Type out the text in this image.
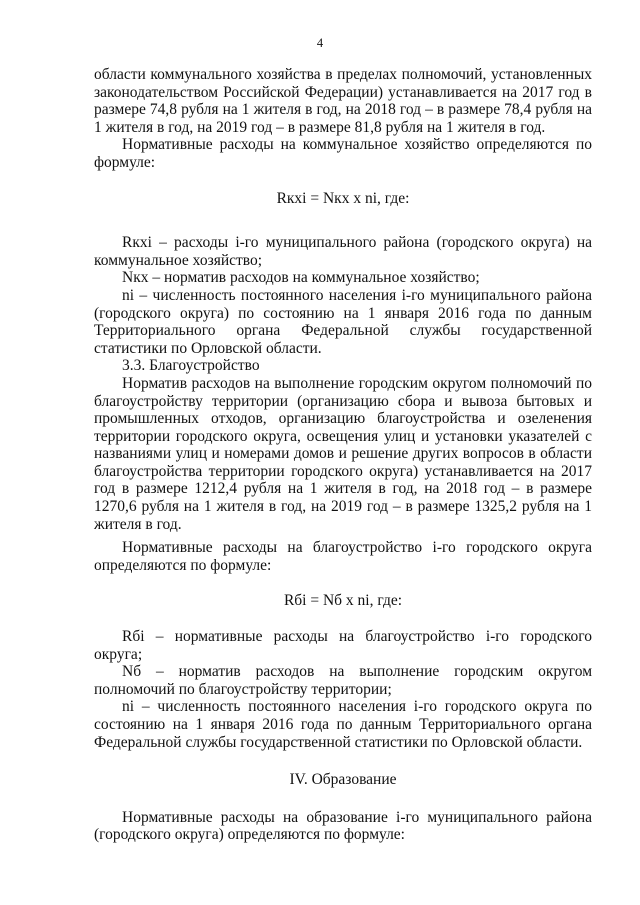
4

области коммунального хозяйства в пределах полномочий, установленных законодательством Российской Федерации) устанавливается на 2017 год в размере 74,8 рубля на 1 жителя в год, на 2018 год – в размере 78,4 рубля на 1 жителя в год, на 2019 год – в размере 81,8 рубля на 1 жителя в год.

Нормативные расходы на коммунальное хозяйство определяются по формуле:

Rкхi = Nкх х ni, где:

Rкхi – расходы i-го муниципального района (городского округа) на коммунальное хозяйство;

Nкх – норматив расходов на коммунальное хозяйство;

ni – численность постоянного населения i-го муниципального района (городского округа) по состоянию на 1 января 2016 года по данным Территориального органа Федеральной службы государственной статистики по Орловской области.

3.3. Благоустройство

Норматив расходов на выполнение городским округом полномочий по благоустройству территории (организацию сбора и вывоза бытовых и промышленных отходов, организацию благоустройства и озеленения территории городского округа, освещения улиц и установки указателей с названиями улиц и номерами домов и решение других вопросов в области благоустройства территории городского округа) устанавливается на 2017 год в размере 1212,4 рубля на 1 жителя в год, на 2018 год – в размере 1270,6 рубля на 1 жителя в год, на 2019 год – в размере 1325,2 рубля на 1 жителя в год.

Нормативные расходы на благоустройство i-го городского округа определяются по формуле:

Rбi = Nб х ni, где:

Rбi – нормативные расходы на благоустройство i-го городского округа;

Nб – норматив расходов на выполнение городским округом полномочий по благоустройству территории;

ni – численность постоянного населения i-го городского округа по состоянию на 1 января 2016 года по данным Территориального органа Федеральной службы государственной статистики по Орловской области.

IV. Образование

Нормативные расходы на образование i-го муниципального района (городского округа) определяются по формуле:
